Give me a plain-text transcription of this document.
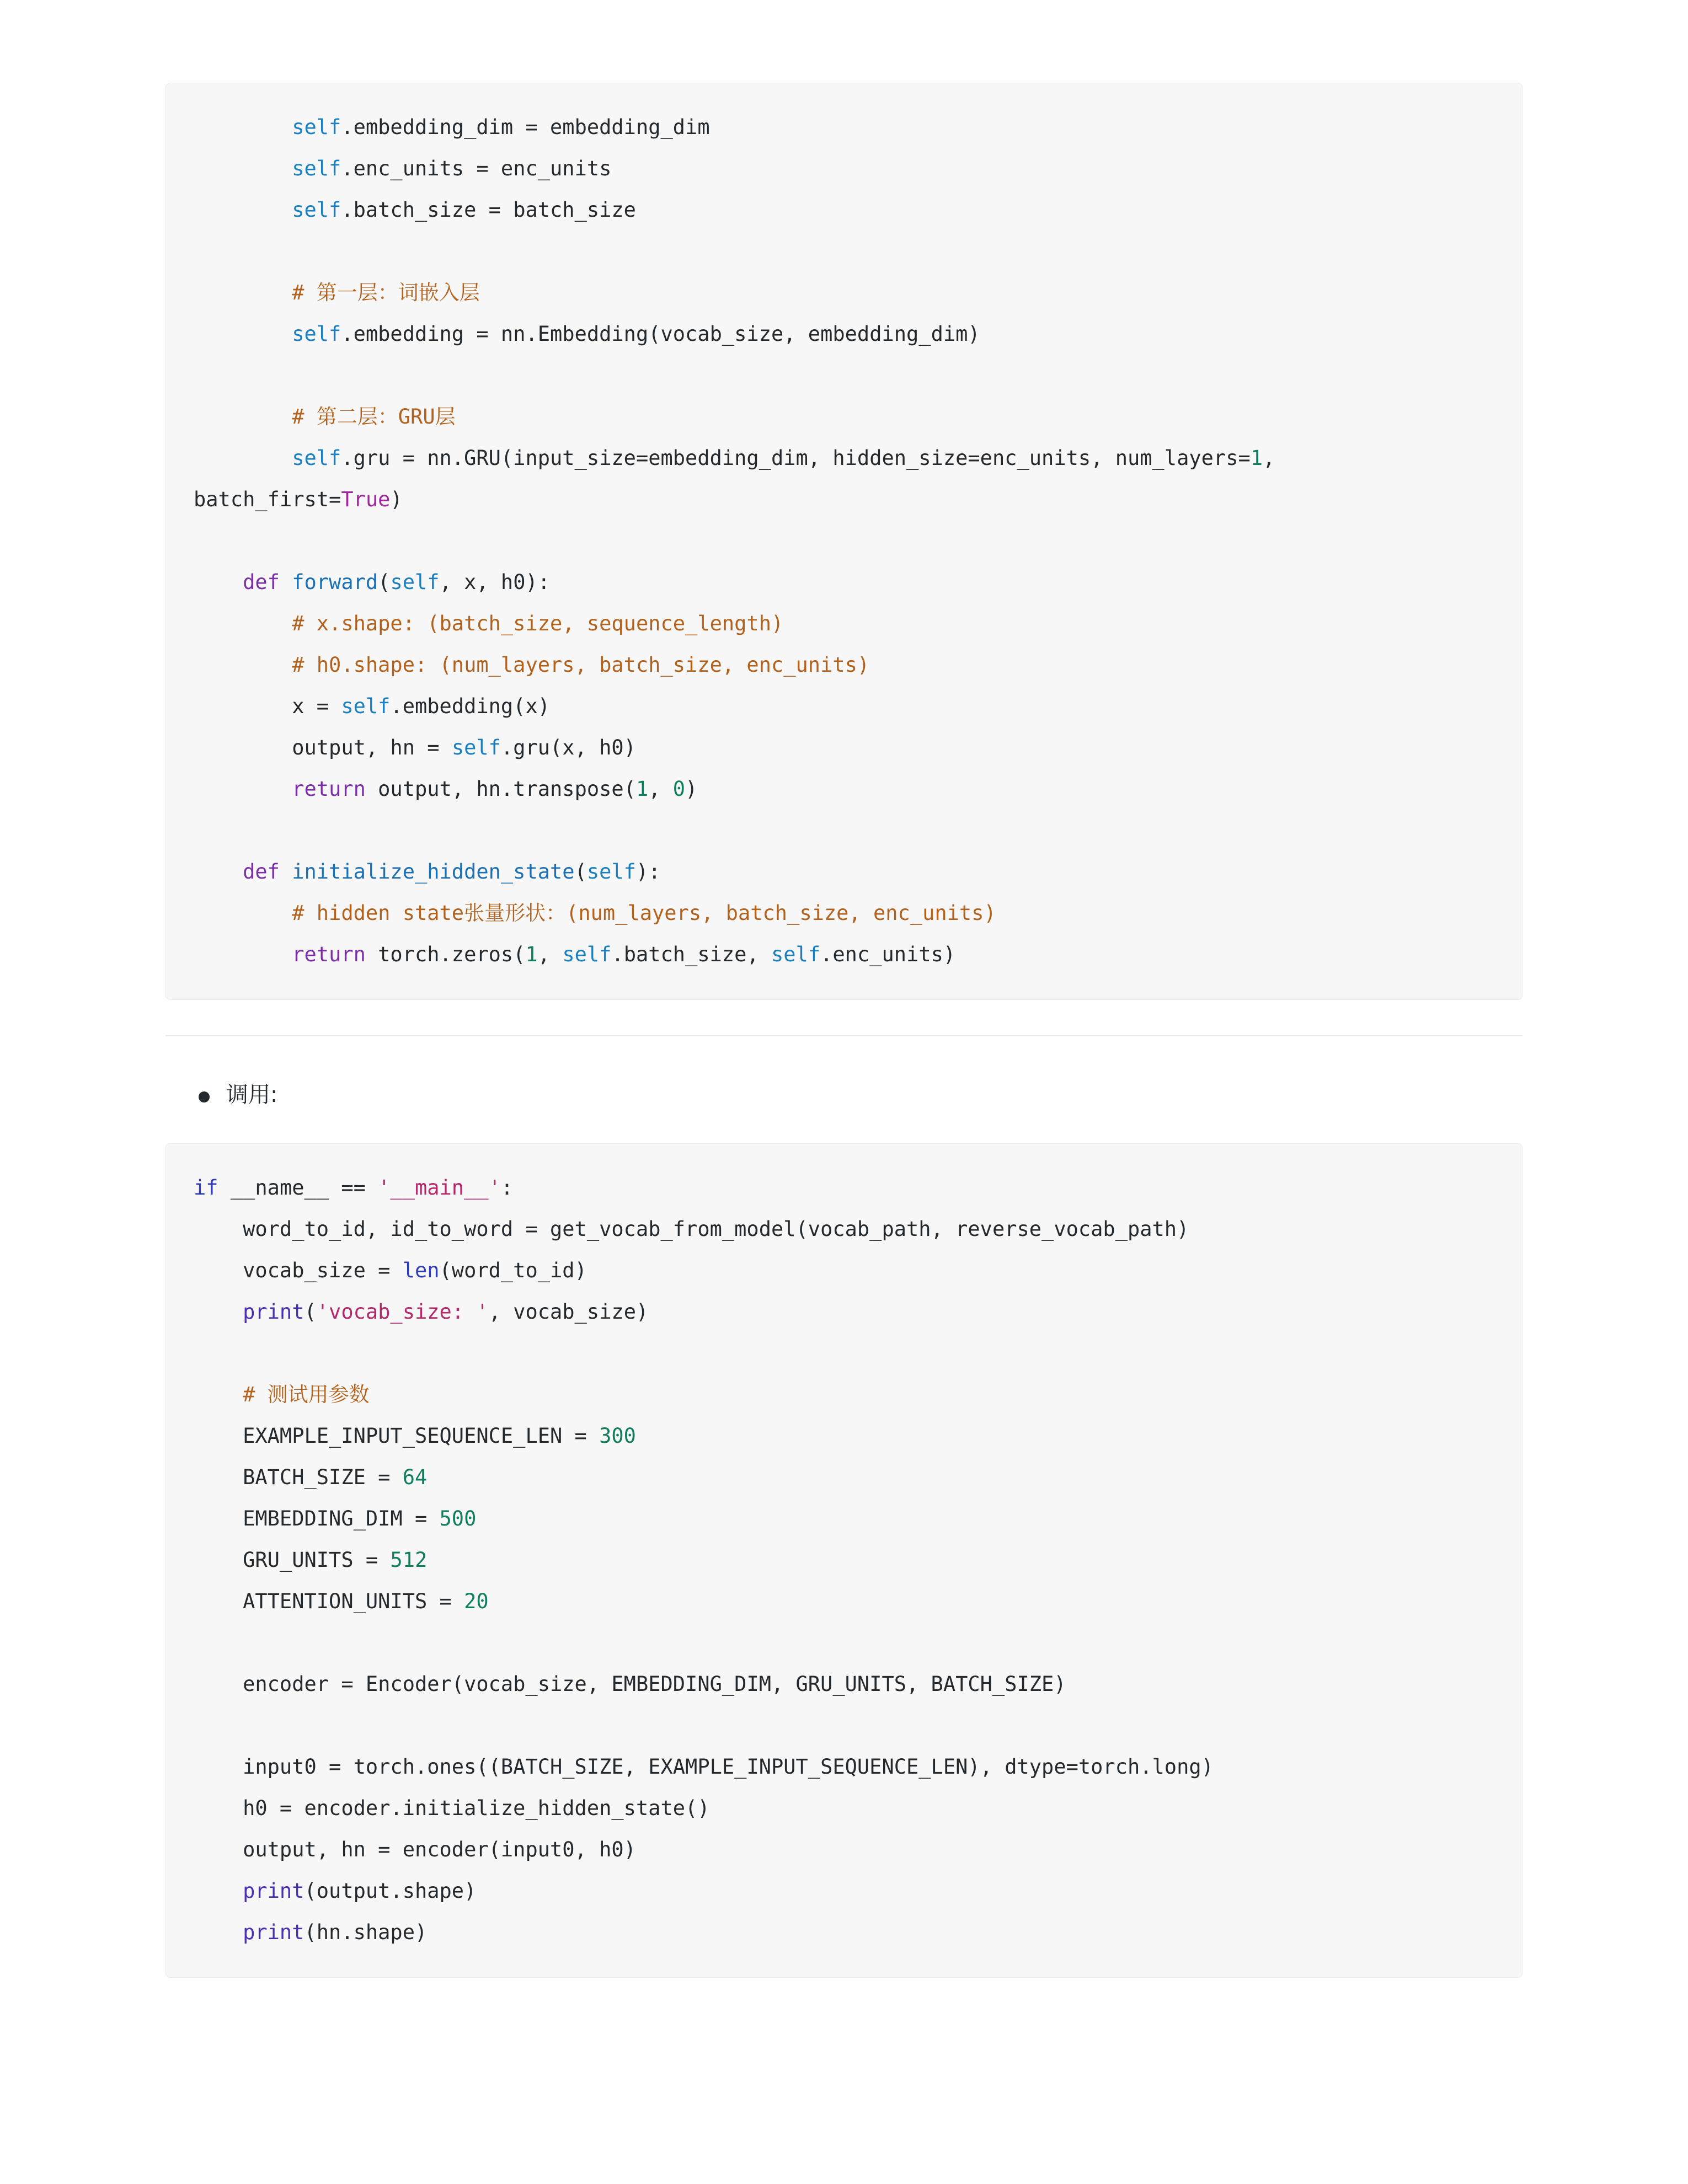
self.embedding_dim = embedding_dim
self.enc_units = enc_units
self.batch_size = batch_size

# 第一层：词嵌入层
self.embedding = nn.Embedding(vocab_size, embedding_dim)

# 第二层：GRU层
self.gru = nn.GRU(input_size=embedding_dim, hidden_size=enc_units, num_layers=1, batch_first=True)

def forward(self, x, h0):
# x.shape: (batch_size, sequence_length)
# h0.shape: (num_layers, batch_size, enc_units)
x = self.embedding(x)
output, hn = self.gru(x, h0)
return output, hn.transpose(1, 0)

def initialize_hidden_state(self):
# hidden state张量形状：(num_layers, batch_size, enc_units)
return torch.zeros(1, self.batch_size, self.enc_units)
调用:
if __name__ == '__main__':
word_to_id, id_to_word = get_vocab_from_model(vocab_path, reverse_vocab_path)
vocab_size = len(word_to_id)
print('vocab_size: ', vocab_size)

# 测试用参数
EXAMPLE_INPUT_SEQUENCE_LEN = 300
BATCH_SIZE = 64
EMBEDDING_DIM = 500
GRU_UNITS = 512
ATTENTION_UNITS = 20

encoder = Encoder(vocab_size, EMBEDDING_DIM, GRU_UNITS, BATCH_SIZE)

input0 = torch.ones((BATCH_SIZE, EXAMPLE_INPUT_SEQUENCE_LEN), dtype=torch.long)
h0 = encoder.initialize_hidden_state()
output, hn = encoder(input0, h0)
print(output.shape)
print(hn.shape)
